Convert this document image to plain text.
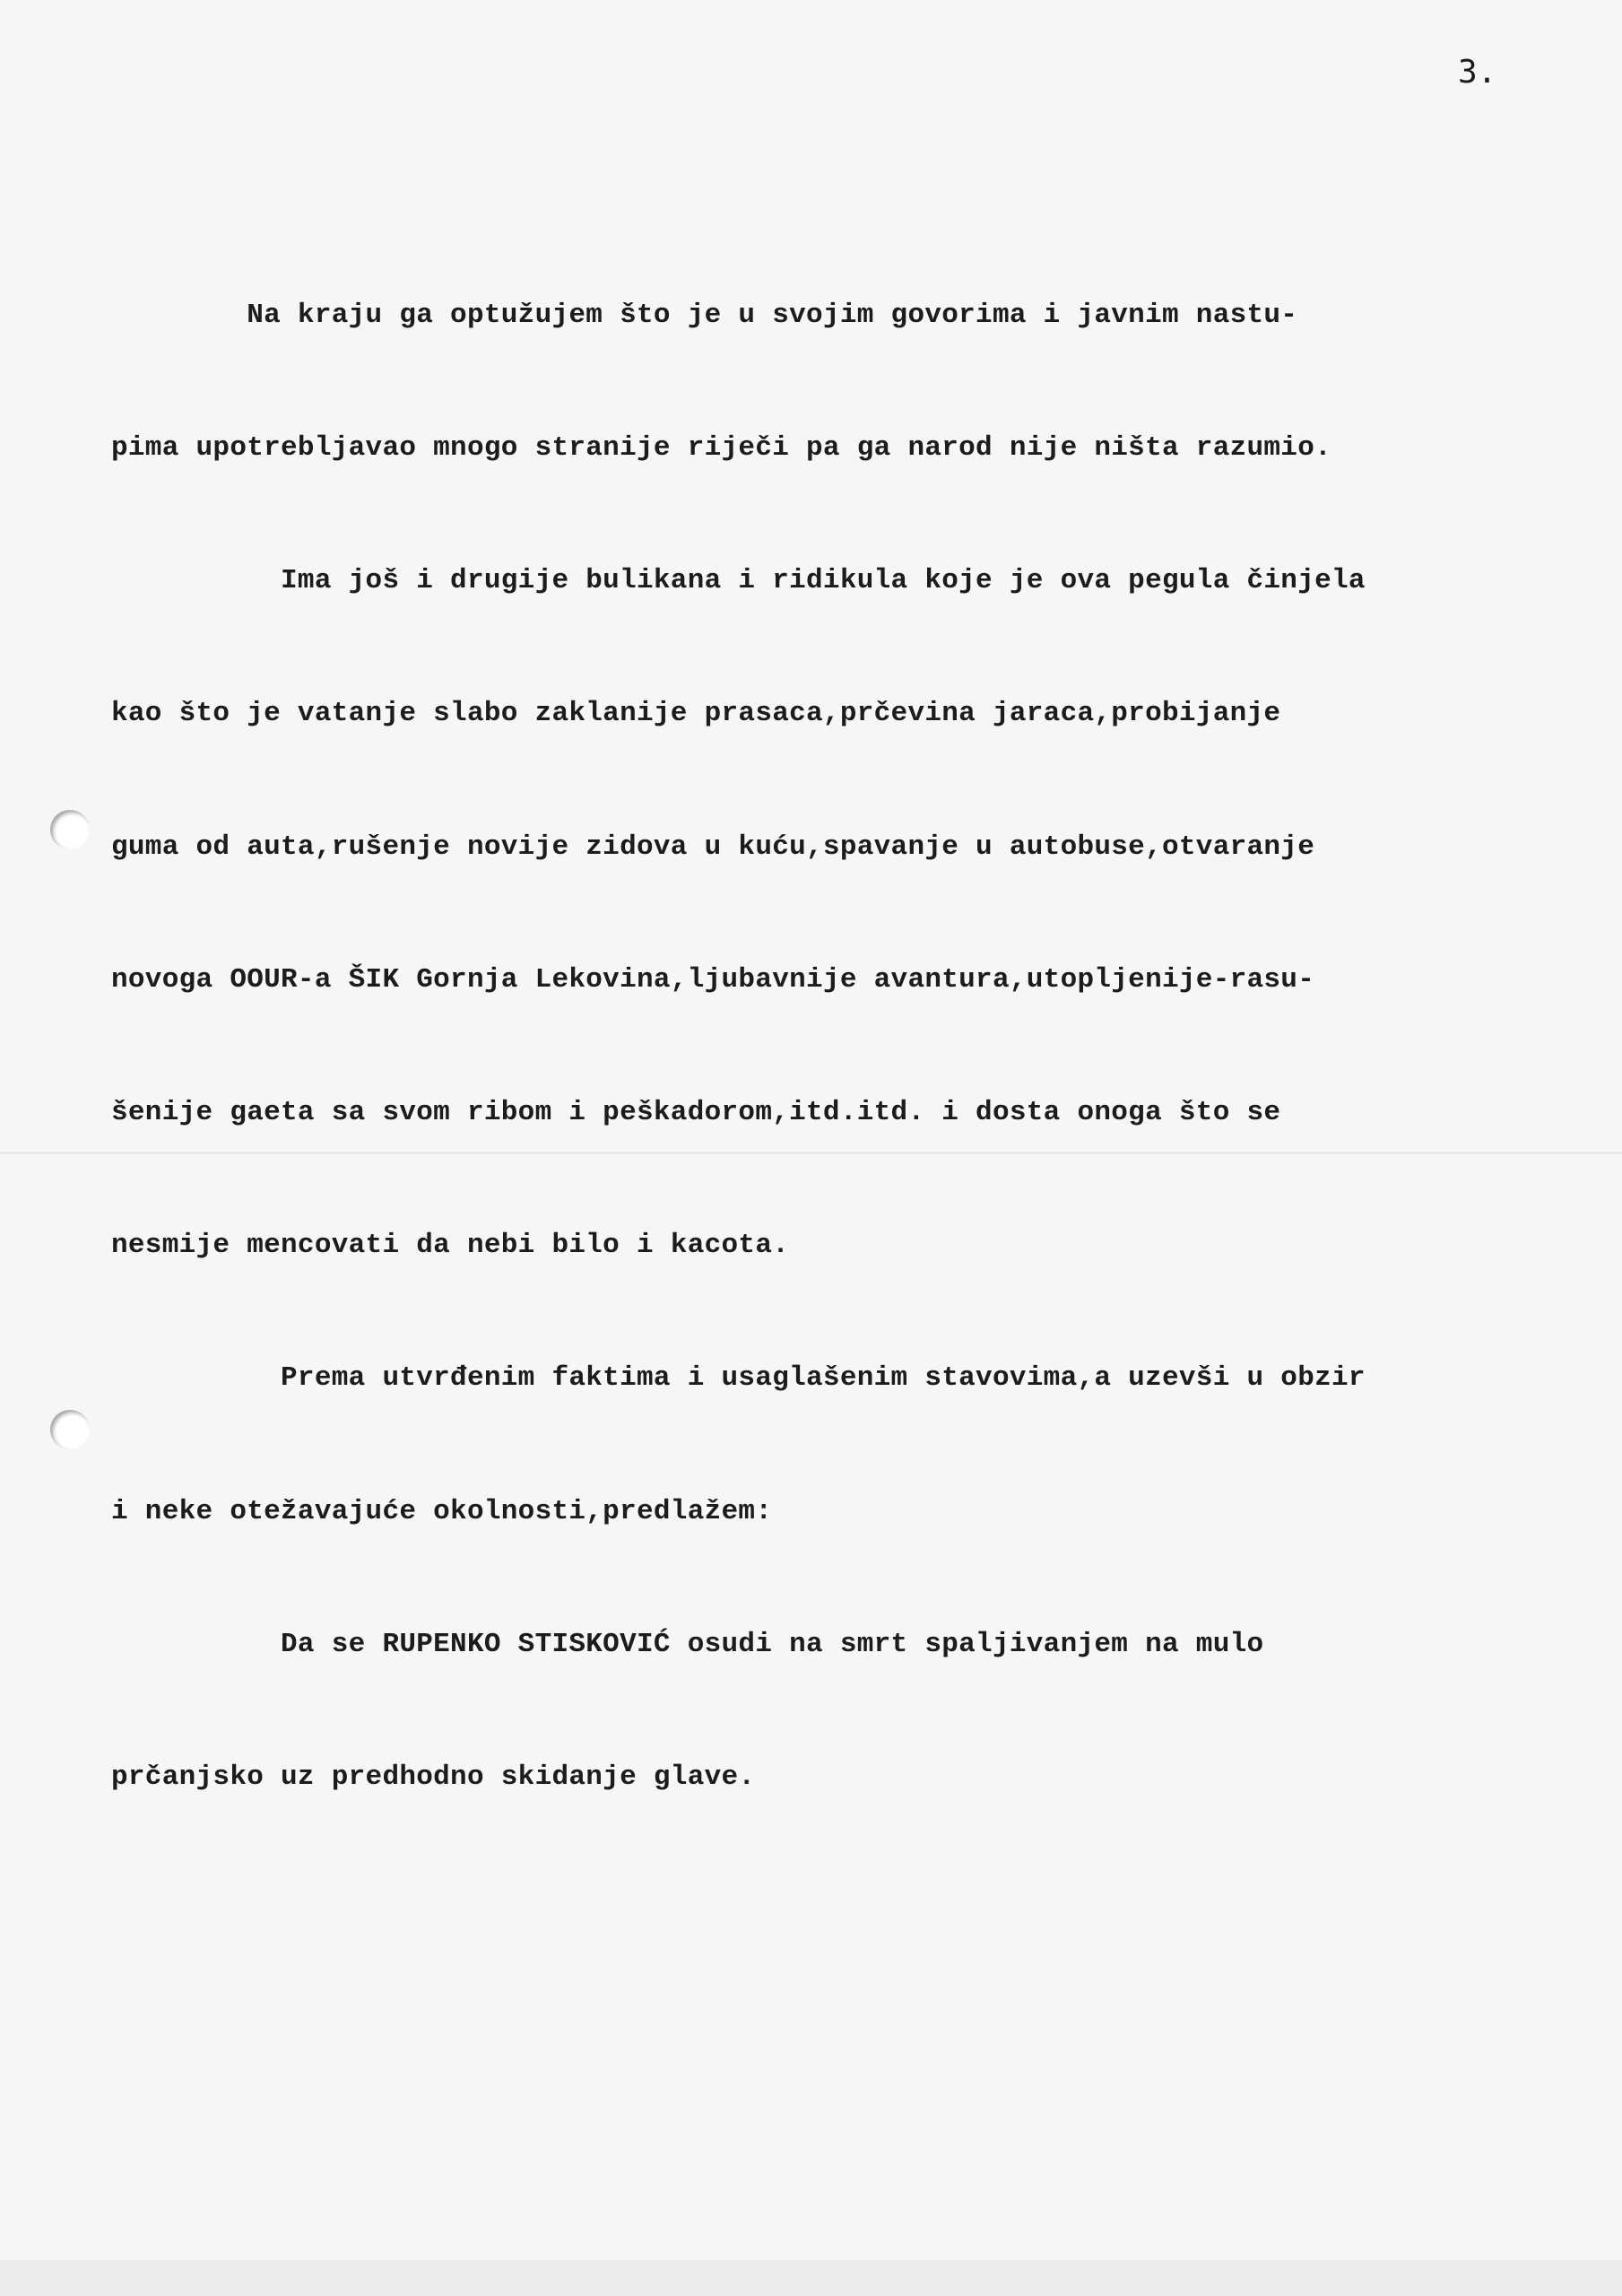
3.

Na kraju ga optužujem što je u svojim govorima i javnim nastu-

pima upotrebljavao mnogo stranije riječi pa ga narod nije ništa razumio.

Ima još i drugije bulikana i ridikula koje je ova pegula činjela

kao što je vatanje slabo zaklanije prasaca,prčevina jaraca,probijanje

guma od auta,rušenje novije zidova u kuću,spavanje u autobuse,otvaranje

novoga OOUR-a ŠIK Gornja Lekovina,ljubavnije avantura,utopljenije-rasu-

šenije gaeta sa svom ribom i peškadorom,itd.itd. i dosta onoga što se

nesmije mencovati da nebi bilo i kacota.

Prema utvrđenim faktima i usaglašenim stavovima,a uzevši u obzir

i neke otežavajuće okolnosti,predlažem:

Da se RUPENKO STISKOVIĆ osudi na smrt spaljivanjem na mulo

prčanjsko uz predhodno skidanje glave.
